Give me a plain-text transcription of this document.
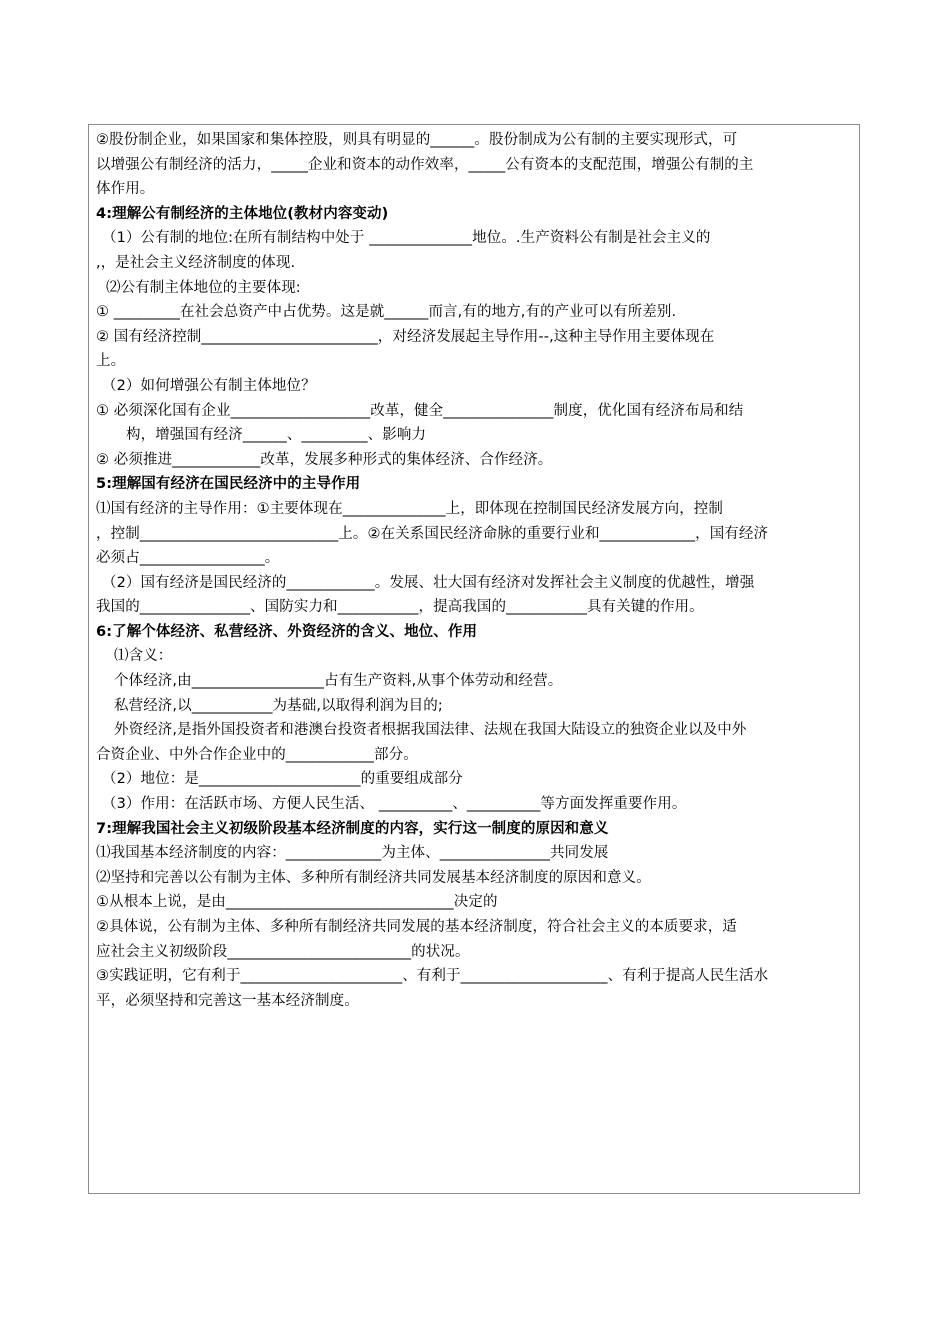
②股份制企业，如果国家和集体控股，则具有明显的______。股份制成为公有制的主要实现形式，可
以增强公有制经济的活力，_____企业和资本的动作效率，_____公有资本的支配范围，增强公有制的主
体作用。
4:理解公有制经济的主体地位(教材内容变动)
（1）公有制的地位:在所有制结构中处于 ______________地位。.生产资料公有制是社会主义的
,，是社会主义经济制度的体现.
⑵公有制主体地位的主要体现:
① _________在社会总资产中占优势。这是就______而言,有的地方,有的产业可以有所差别.
② 国有经济控制________________________，对经济发展起主导作用--,这种主导作用主要体现在
上。
（2）如何增强公有制主体地位？
① 必须深化国有企业___________________改革，健全_______________制度，优化国有经济布局和结
构，增强国有经济______、_________、影响力
② 必须推进____________改革，发展多种形式的集体经济、合作经济。
5:理解国有经济在国民经济中的主导作用
⑴国有经济的主导作用：①主要体现在______________上，即体现在控制国民经济发展方向，控制
，控制___________________________上。②在关系国民经济命脉的重要行业和_____________，国有经济
必须占_________________。
（2）国有经济是国民经济的____________。发展、壮大国有经济对发挥社会主义制度的优越性，增强
我国的_______________、国防实力和___________，提高我国的___________具有关键的作用。
6:了解个体经济、私营经济、外资经济的含义、地位、作用
⑴含义：
个体经济,由__________________占有生产资料,从事个体劳动和经营。
私营经济,以___________为基础,以取得利润为目的;
外资经济,是指外国投资者和港澳台投资者根据我国法律、法规在我国大陆设立的独资企业以及中外
合资企业、中外合作企业中的____________部分。
（2）地位：是______________________的重要组成部分
（3）作用：在活跃市场、方便人民生活、 __________、__________等方面发挥重要作用。
7:理解我国社会主义初级阶段基本经济制度的内容，实行这一制度的原因和意义
⑴我国基本经济制度的内容：_____________为主体、_______________共同发展
⑵坚持和完善以公有制为主体、多种所有制经济共同发展基本经济制度的原因和意义。
①从根本上说，是由_______________________________决定的
②具体说，公有制为主体、多种所有制经济共同发展的基本经济制度，符合社会主义的本质要求，适
应社会主义初级阶段_________________________的状况。
③实践证明，它有利于______________________、有利于____________________、有利于提高人民生活水
平，必须坚持和完善这一基本经济制度。
